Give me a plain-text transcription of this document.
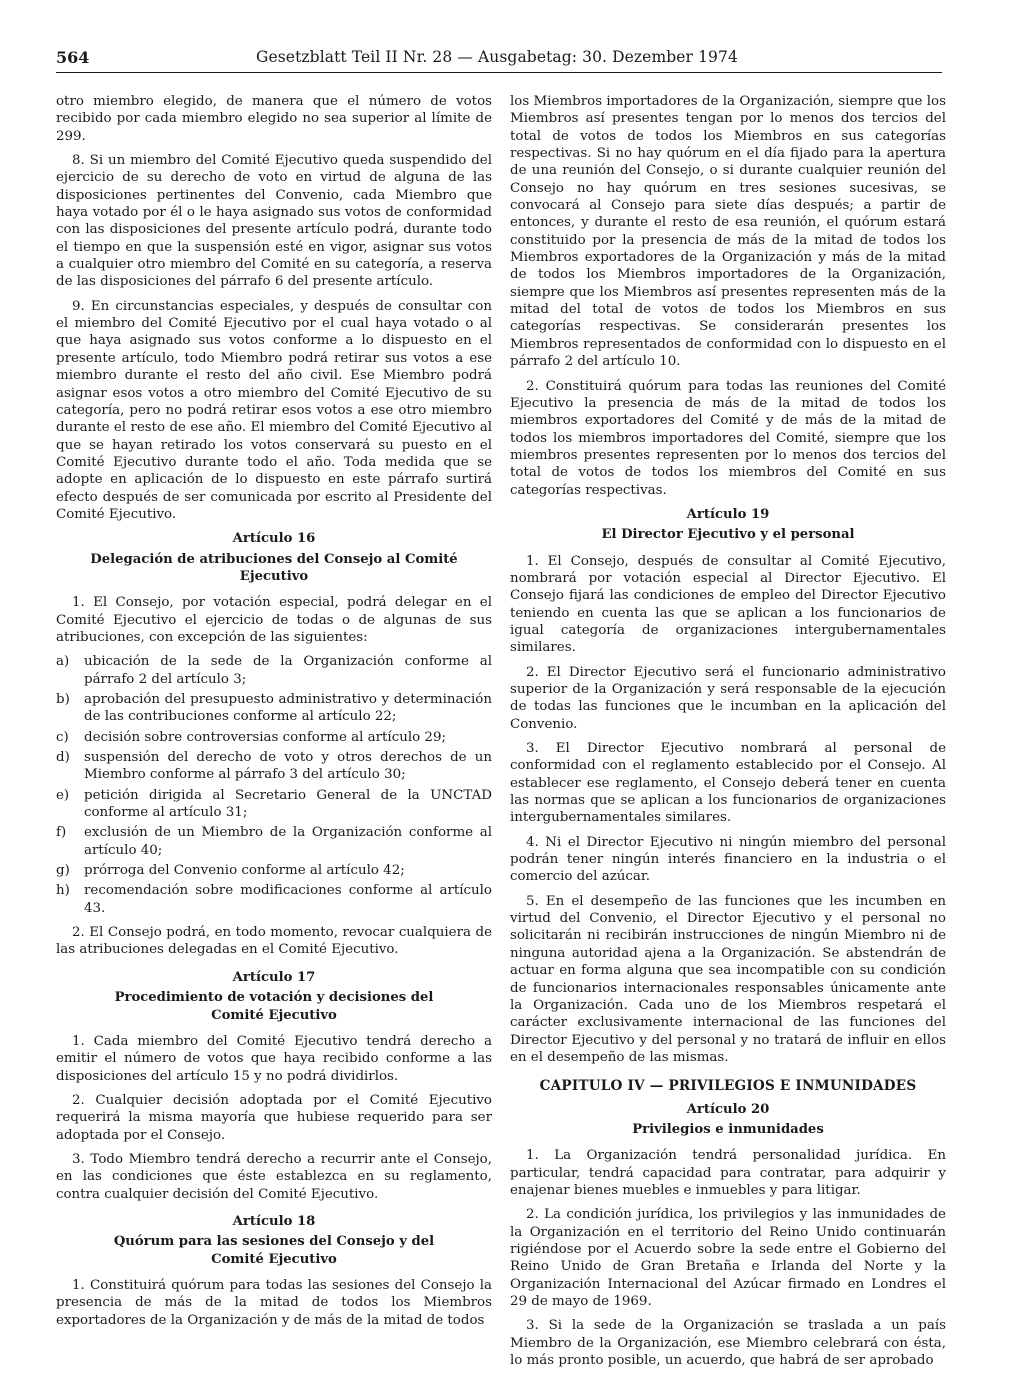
564	Gesetzblatt Teil II Nr. 28 — Ausgabetag: 30. Dezember 1974

otro miembro elegido, de manera que el número de votos recibido por cada miembro elegido no sea superior al límite de 299.

8. Si un miembro del Comité Ejecutivo queda suspendido del ejercicio de su derecho de voto en virtud de alguna de las disposiciones pertinentes del Convenio, cada Miembro que haya votado por él o le haya asignado sus votos de conformidad con las disposiciones del presente artículo podrá, durante todo el tiempo en que la suspensión esté en vigor, asignar sus votos a cualquier otro miembro del Comité en su categoría, a reserva de las disposiciones del párrafo 6 del presente artículo.

9. En circunstancias especiales, y después de consultar con el miembro del Comité Ejecutivo por el cual haya votado o al que haya asignado sus votos conforme a lo dispuesto en el presente artículo, todo Miembro podrá retirar sus votos a ese miembro durante el resto del año civil. Ese Miembro podrá asignar esos votos a otro miembro del Comité Ejecutivo de su categoría, pero no podrá retirar esos votos a ese otro miembro durante el resto de ese año. El miembro del Comité Ejecutivo al que se hayan retirado los votos conservará su puesto en el Comité Ejecutivo durante todo el año. Toda medida que se adopte en aplicación de lo dispuesto en este párrafo surtirá efecto después de ser comunicada por escrito al Presidente del Comité Ejecutivo.

Artículo 16
Delegación de atribuciones del Consejo al Comité Ejecutivo

1. El Consejo, por votación especial, podrá delegar en el Comité Ejecutivo el ejercicio de todas o de algunas de sus atribuciones, con excepción de las siguientes:

a)	ubicación de la sede de la Organización conforme al párrafo 2 del artículo 3;
b)	aprobación del presupuesto administrativo y determinación de las contribuciones conforme al artículo 22;
c)	decisión sobre controversias conforme al artículo 29;
d)	suspensión del derecho de voto y otros derechos de un Miembro conforme al párrafo 3 del artículo 30;
e)	petición dirigida al Secretario General de la UNCTAD conforme al artículo 31;
f)	exclusión de un Miembro de la Organización conforme al artículo 40;
g)	prórroga del Convenio conforme al artículo 42;
h)	recomendación sobre modificaciones conforme al artículo 43.

2. El Consejo podrá, en todo momento, revocar cualquiera de las atribuciones delegadas en el Comité Ejecutivo.

Artículo 17
Procedimiento de votación y decisiones del Comité Ejecutivo

1. Cada miembro del Comité Ejecutivo tendrá derecho a emitir el número de votos que haya recibido conforme a las disposiciones del artículo 15 y no podrá dividirlos.

2. Cualquier decisión adoptada por el Comité Ejecutivo requerirá la misma mayoría que hubiese requerido para ser adoptada por el Consejo.

3. Todo Miembro tendrá derecho a recurrir ante el Consejo, en las condiciones que éste establezca en su reglamento, contra cualquier decisión del Comité Ejecutivo.

Artículo 18
Quórum para las sesiones del Consejo y del Comité Ejecutivo

1. Constituirá quórum para todas las sesiones del Consejo la presencia de más de la mitad de todos los Miembros exportadores de la Organización y de más de la mitad de todos

los Miembros importadores de la Organización, siempre que los Miembros así presentes tengan por lo menos dos tercios del total de votos de todos los Miembros en sus categorías respectivas. Si no hay quórum en el día fijado para la apertura de una reunión del Consejo, o si durante cualquier reunión del Consejo no hay quórum en tres sesiones sucesivas, se convocará al Consejo para siete días después; a partir de entonces, y durante el resto de esa reunión, el quórum estará constituido por la presencia de más de la mitad de todos los Miembros exportadores de la Organización y más de la mitad de todos los Miembros importadores de la Organización, siempre que los Miembros así presentes representen más de la mitad del total de votos de todos los Miembros en sus categorías respectivas. Se considerarán presentes los Miembros representados de conformidad con lo dispuesto en el párrafo 2 del artículo 10.

2. Constituirá quórum para todas las reuniones del Comité Ejecutivo la presencia de más de la mitad de todos los miembros exportadores del Comité y de más de la mitad de todos los miembros importadores del Comité, siempre que los miembros presentes representen por lo menos dos tercios del total de votos de todos los miembros del Comité en sus categorías respectivas.

Artículo 19
El Director Ejecutivo y el personal

1. El Consejo, después de consultar al Comité Ejecutivo, nombrará por votación especial al Director Ejecutivo. El Consejo fijará las condiciones de empleo del Director Ejecutivo teniendo en cuenta las que se aplican a los funcionarios de igual categoría de organizaciones intergubernamentales similares.

2. El Director Ejecutivo será el funcionario administrativo superior de la Organización y será responsable de la ejecución de todas las funciones que le incumban en la aplicación del Convenio.

3. El Director Ejecutivo nombrará al personal de conformidad con el reglamento establecido por el Consejo. Al establecer ese reglamento, el Consejo deberá tener en cuenta las normas que se aplican a los funcionarios de organizaciones intergubernamentales similares.

4. Ni el Director Ejecutivo ni ningún miembro del personal podrán tener ningún interés financiero en la industria o el comercio del azúcar.

5. En el desempeño de las funciones que les incumben en virtud del Convenio, el Director Ejecutivo y el personal no solicitarán ni recibirán instrucciones de ningún Miembro ni de ninguna autoridad ajena a la Organización. Se abstendrán de actuar en forma alguna que sea incompatible con su condición de funcionarios internacionales responsables únicamente ante la Organización. Cada uno de los Miembros respetará el carácter exclusivamente internacional de las funciones del Director Ejecutivo y del personal y no tratará de influir en ellos en el desempeño de las mismas.

CAPITULO IV — PRIVILEGIOS E INMUNIDADES
Artículo 20
Privilegios e inmunidades

1. La Organización tendrá personalidad jurídica. En particular, tendrá capacidad para contratar, para adquirir y enajenar bienes muebles e inmuebles y para litigar.

2. La condición jurídica, los privilegios y las inmunidades de la Organización en el territorio del Reino Unido continuarán rigiéndose por el Acuerdo sobre la sede entre el Gobierno del Reino Unido de Gran Bretaña e Irlanda del Norte y la Organización Internacional del Azúcar firmado en Londres el 29 de mayo de 1969.

3. Si la sede de la Organización se traslada a un país Miembro de la Organización, ese Miembro celebrará con ésta, lo más pronto posible, un acuerdo, que habrá de ser aprobado
